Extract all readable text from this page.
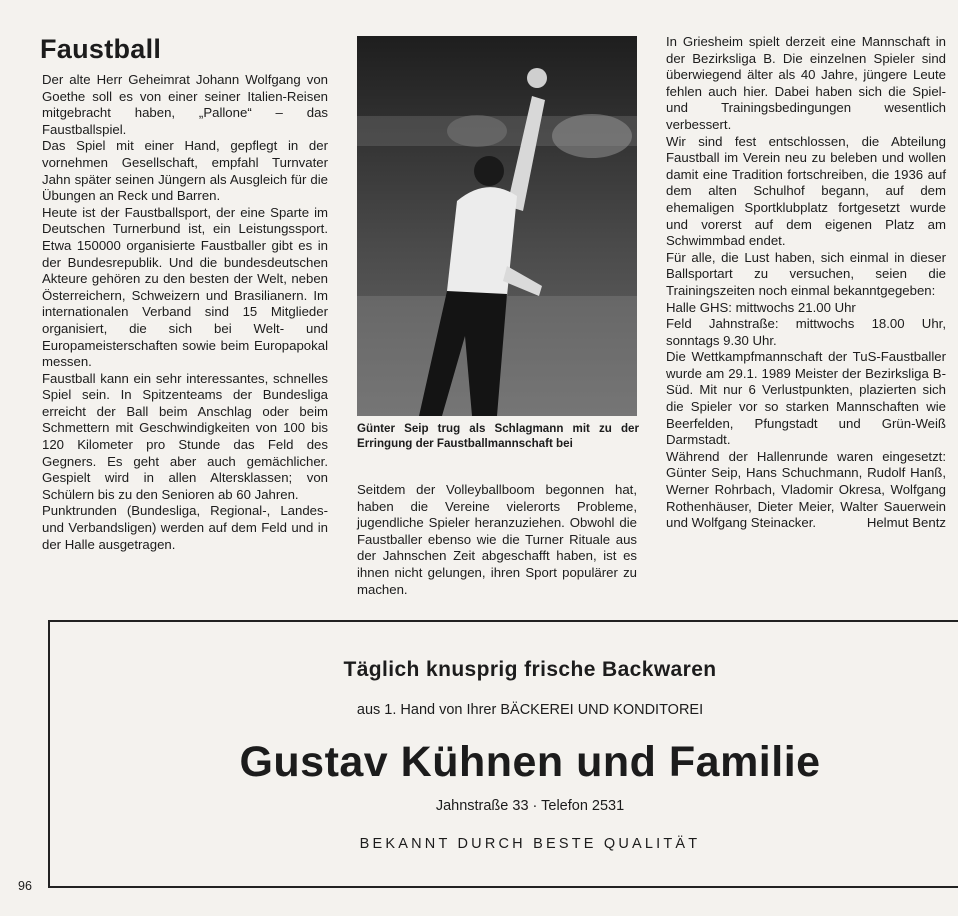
Faustball

Der alte Herr Geheimrat Johann Wolfgang von Goethe soll es von einer seiner Italien-Reisen mitgebracht haben, „Pallone“ – das Faustballspiel.

Das Spiel mit einer Hand, gepflegt in der vornehmen Gesellschaft, empfahl Turnvater Jahn später seinen Jüngern als Ausgleich für die Übungen an Reck und Barren.

Heute ist der Faustballsport, der eine Sparte im Deutschen Turnerbund ist, ein Leistungssport. Etwa 150000 organisierte Faustballer gibt es in der Bundesrepublik. Und die bundesdeutschen Akteure gehören zu den besten der Welt, neben Österreichern, Schweizern und Brasilianern. Im internationalen Verband sind 15 Mitglieder organisiert, die sich bei Welt- und Europameisterschaften sowie beim Europapokal messen.

Faustball kann ein sehr interessantes, schnelles Spiel sein. In Spitzenteams der Bundesliga erreicht der Ball beim Anschlag oder beim Schmettern mit Geschwindigkeiten von 100 bis 120 Kilometer pro Stunde das Feld des Gegners. Es geht aber auch gemächlicher. Gespielt wird in allen Altersklassen; von Schülern bis zu den Senioren ab 60 Jahren.

Punktrunden (Bundesliga, Regional-, Landes- und Verbandsligen) werden auf dem Feld und in der Halle ausgetragen.

Günter Seip trug als Schlagmann mit zu der Erringung der Faustballmannschaft bei

Seitdem der Volleyballboom begonnen hat, haben die Vereine vielerorts Probleme, jugendliche Spieler heranzuziehen. Obwohl die Faustballer ebenso wie die Turner Rituale aus der Jahnschen Zeit abgeschafft haben, ist es ihnen nicht gelungen, ihren Sport populärer zu machen.

In Griesheim spielt derzeit eine Mannschaft in der Bezirksliga B. Die einzelnen Spieler sind überwiegend älter als 40 Jahre, jüngere Leute fehlen auch hier. Dabei haben sich die Spiel- und Trainingsbedingungen wesentlich verbessert.

Wir sind fest entschlossen, die Abteilung Faustball im Verein neu zu beleben und wollen damit eine Tradition fortschreiben, die 1936 auf dem alten Schulhof begann, auf dem ehemaligen Sportklubplatz fortgesetzt wurde und vorerst auf dem eigenen Platz am Schwimmbad endet.

Für alle, die Lust haben, sich einmal in dieser Ballsportart zu versuchen, seien die Trainingszeiten noch einmal bekanntgegeben:

Halle GHS: mittwochs 21.00 Uhr

Feld Jahnstraße: mittwochs 18.00 Uhr, sonntags 9.30 Uhr.

Die Wettkampfmannschaft der TuS-Faustballer wurde am 29.1. 1989 Meister der Bezirksliga B-Süd. Mit nur 6 Verlustpunkten, plazierten sich die Spieler vor so starken Mannschaften wie Beerfelden, Pfungstadt und Grün-Weiß Darmstadt.

Während der Hallenrunde waren eingesetzt: Günter Seip, Hans Schuchmann, Rudolf Hanß, Werner Rohrbach, Vladomir Okresa, Wolfgang Rothenhäuser, Dieter Meier, Walter Sauerwein und Wolfgang Steinacker.	Helmut Bentz

Täglich knusprig frische Backwaren
aus 1. Hand von Ihrer BÄCKEREI UND KONDITOREI
Gustav Kühnen und Familie
Jahnstraße 33 · Telefon 2531
BEKANNT DURCH BESTE QUALITÄT
96
